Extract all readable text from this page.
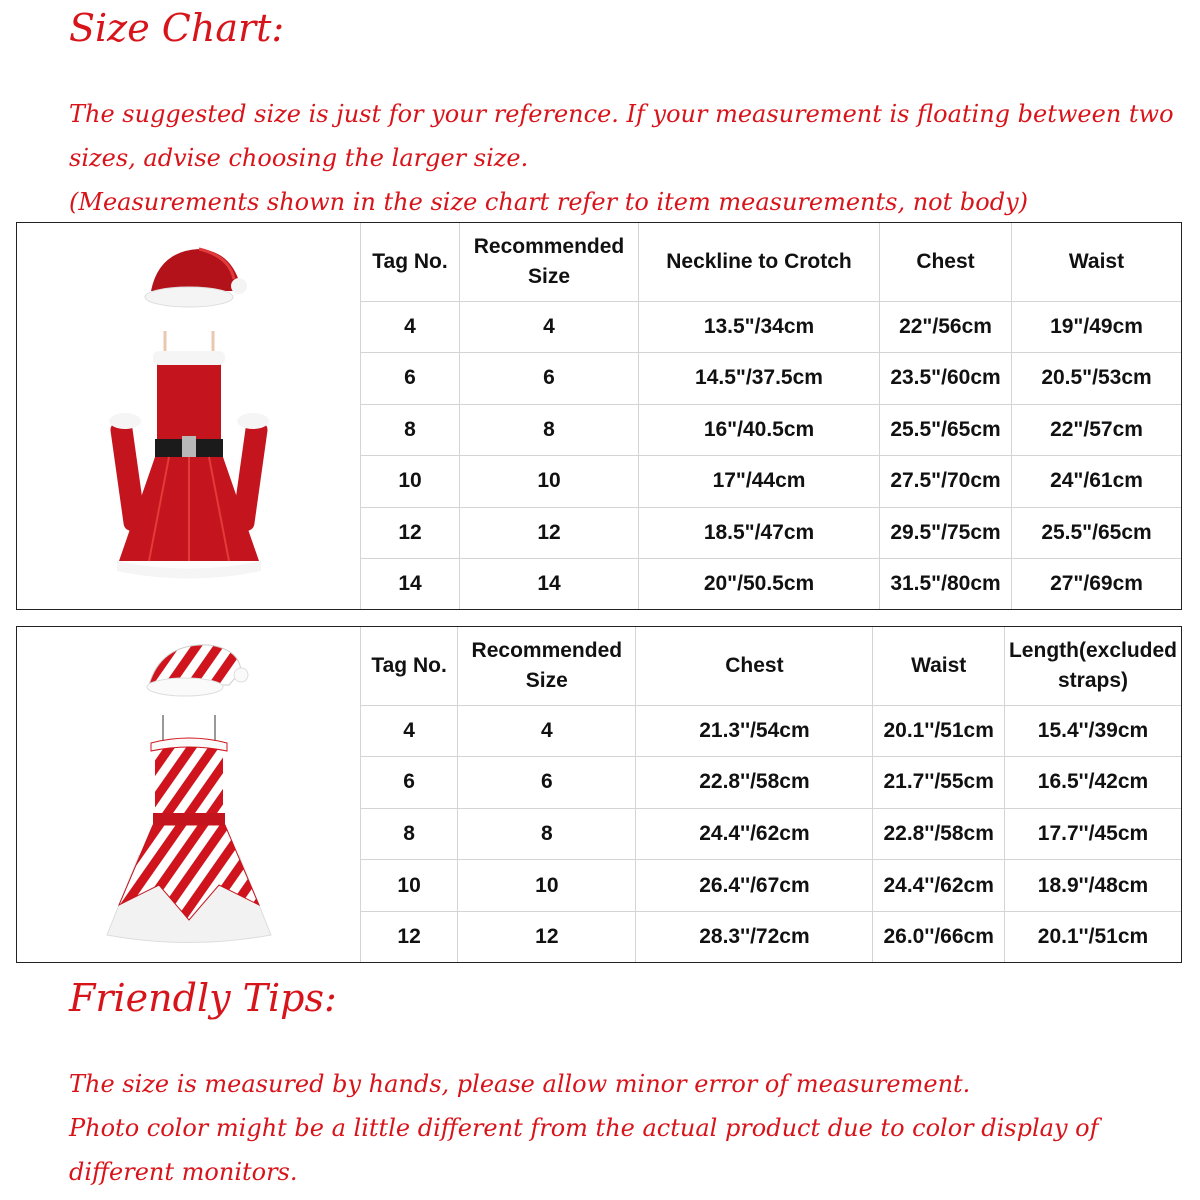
Size Chart:
The suggested size is just for your reference. If your measurement is floating between two
sizes, advise choosing the larger size.
(Measurements shown in the size chart refer to item measurements, not body)
Tag No.	Recommended Size	Neckline to Crotch	Chest	Waist
4	4	13.5"/34cm	22"/56cm	19"/49cm
6	6	14.5"/37.5cm	23.5"/60cm	20.5"/53cm
8	8	16"/40.5cm	25.5"/65cm	22"/57cm
10	10	17"/44cm	27.5"/70cm	24"/61cm
12	12	18.5"/47cm	29.5"/75cm	25.5"/65cm
14	14	20"/50.5cm	31.5"/80cm	27"/69cm
Tag No.	Recommended Size	Chest	Waist	Length(excluded straps)
4	4	21.3''/54cm	20.1''/51cm	15.4''/39cm
6	6	22.8''/58cm	21.7''/55cm	16.5''/42cm
8	8	24.4''/62cm	22.8''/58cm	17.7''/45cm
10	10	26.4''/67cm	24.4''/62cm	18.9''/48cm
12	12	28.3''/72cm	26.0''/66cm	20.1''/51cm
Friendly Tips:
The size is measured by hands, please allow minor error of measurement.
Photo color might be a little different from the actual product due to color display of
different monitors.
